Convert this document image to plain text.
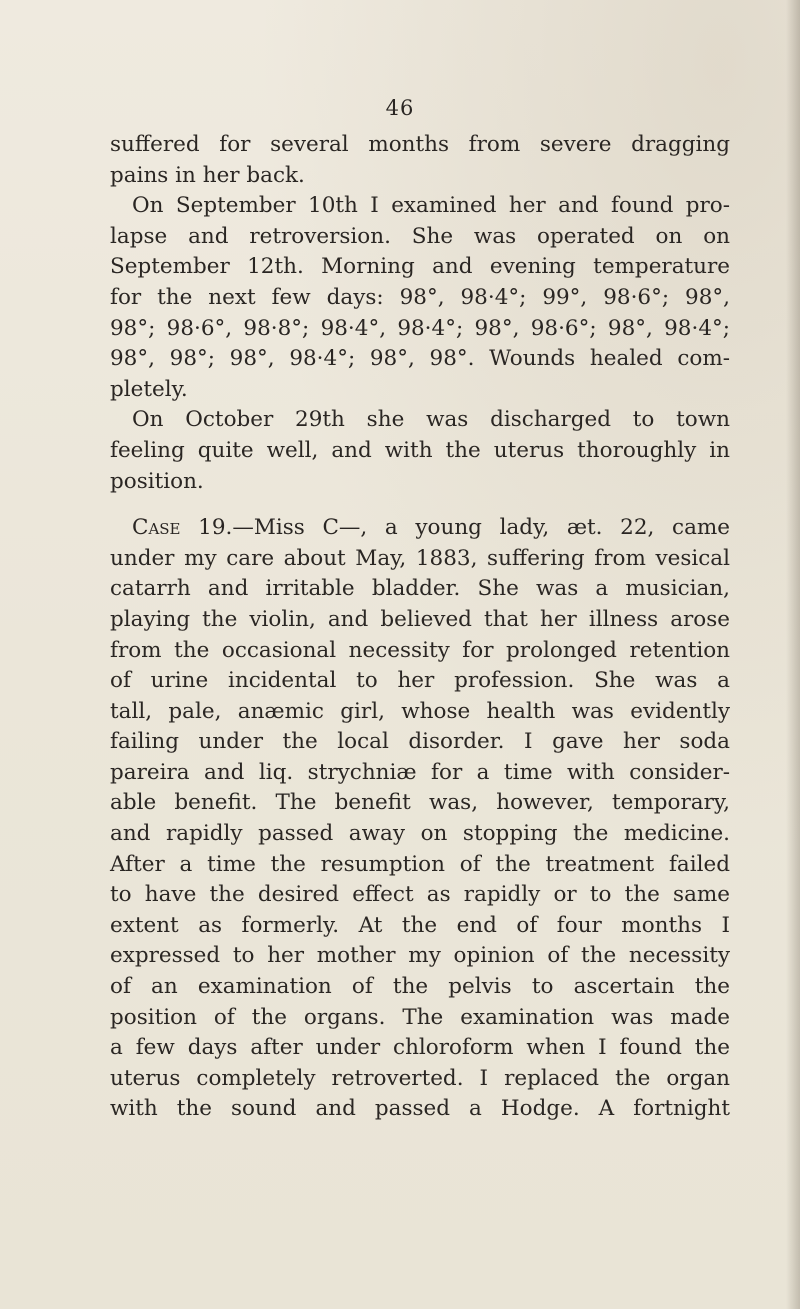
46
suffered for several months from severe dragging
pains in her back.
On September 10th I examined her and found pro-
lapse and retroversion. She was operated on on
September 12th. Morning and evening temperature
for the next few days: 98°, 98·4°; 99°, 98·6°; 98°,
98°; 98·6°, 98·8°; 98·4°, 98·4°; 98°, 98·6°; 98°, 98·4°;
98°, 98°; 98°, 98·4°; 98°, 98°. Wounds healed com-
pletely.
On October 29th she was discharged to town
feeling quite well, and with the uterus thoroughly in
position.
Case 19.—Miss C—, a young lady, æt. 22, came
under my care about May, 1883, suffering from vesical
catarrh and irritable bladder. She was a musician,
playing the violin, and believed that her illness arose
from the occasional necessity for prolonged retention
of urine incidental to her profession. She was a
tall, pale, anæmic girl, whose health was evidently
failing under the local disorder. I gave her soda
pareira and liq. strychniæ for a time with consider-
able benefit. The benefit was, however, temporary,
and rapidly passed away on stopping the medicine.
After a time the resumption of the treatment failed
to have the desired effect as rapidly or to the same
extent as formerly. At the end of four months I
expressed to her mother my opinion of the necessity
of an examination of the pelvis to ascertain the
position of the organs. The examination was made
a few days after under chloroform when I found the
uterus completely retroverted. I replaced the organ
with the sound and passed a Hodge. A fortnight
